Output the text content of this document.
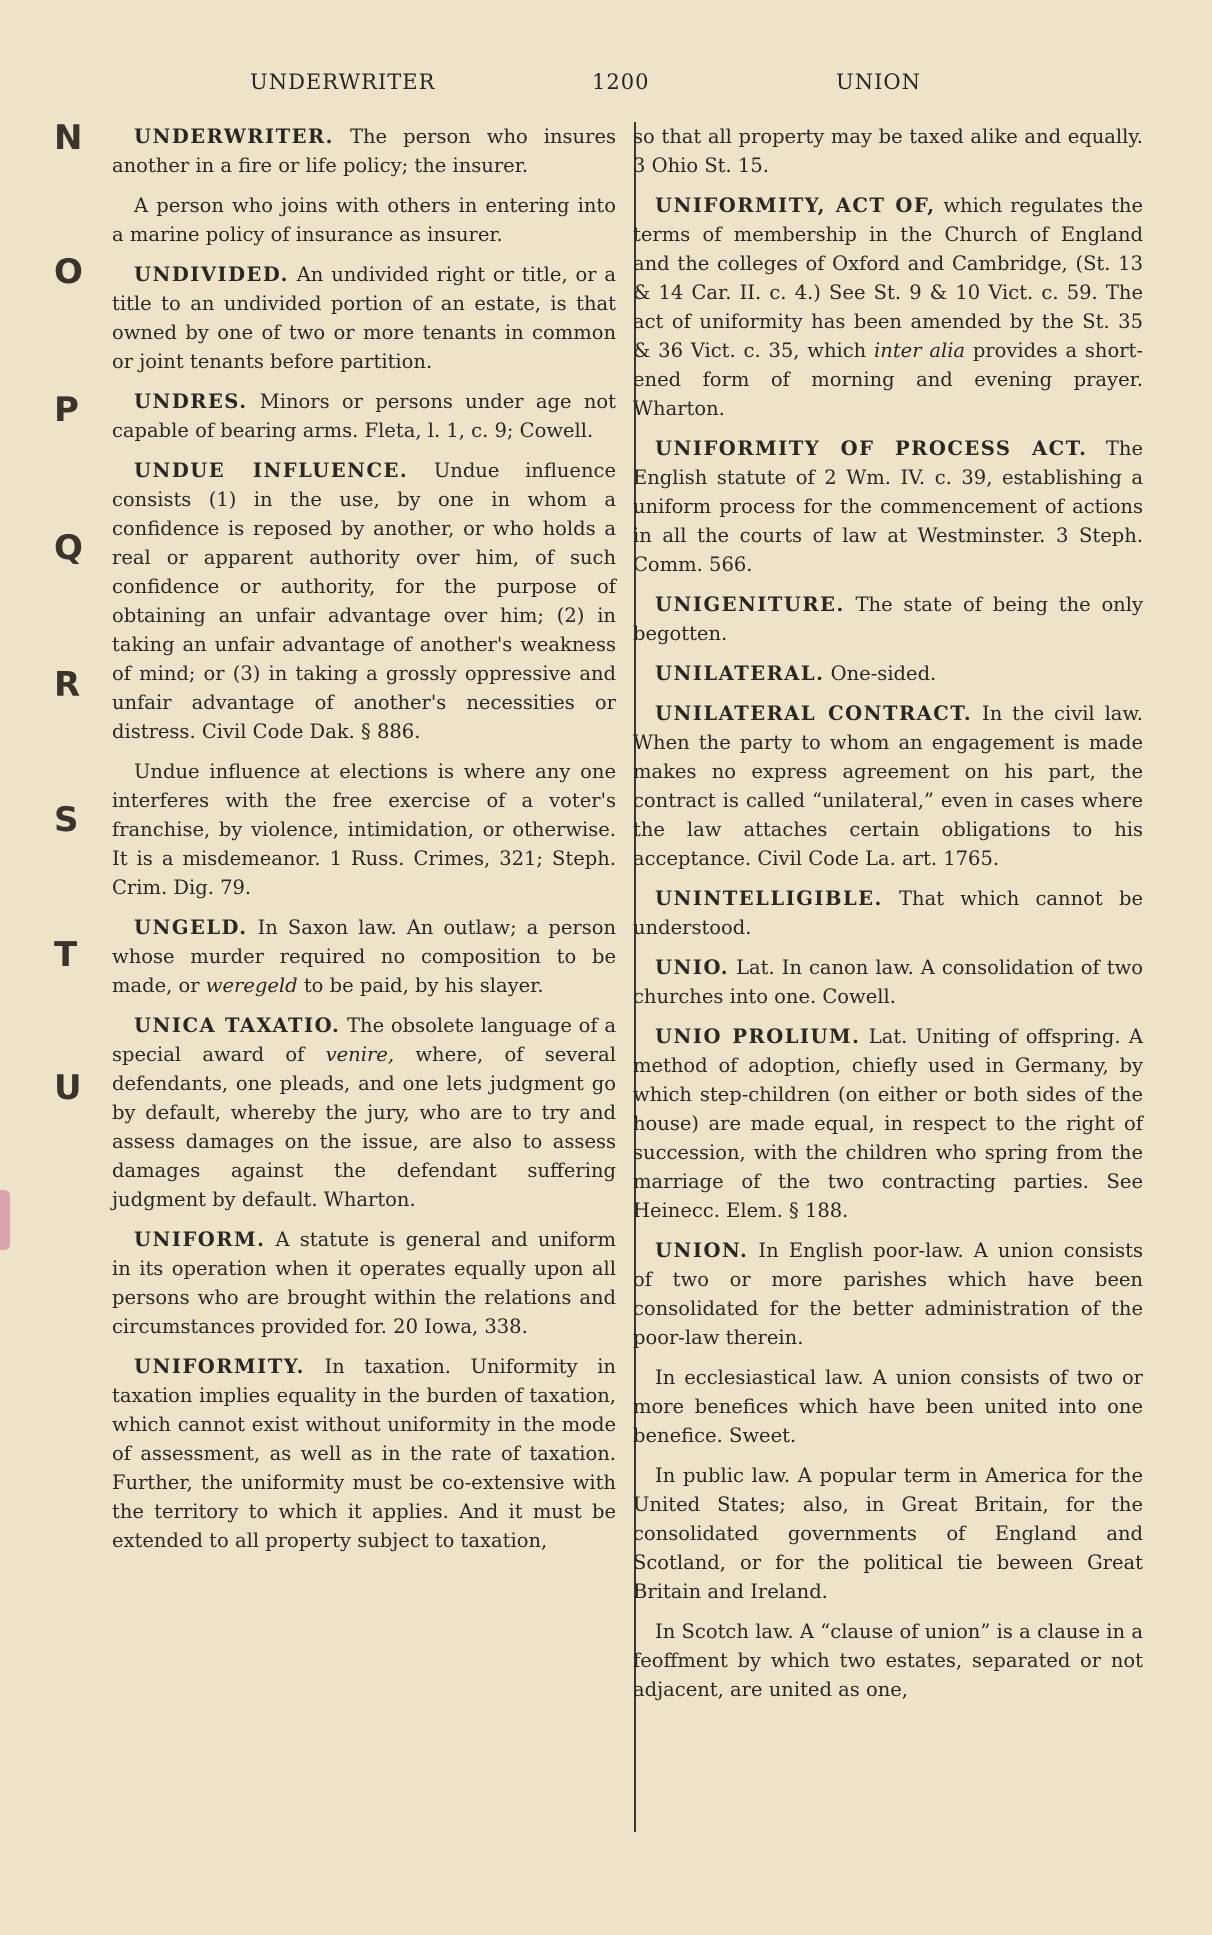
UNDERWRITER	1200	UNION
N
O
P
Q
R
S
T
U

UNDERWRITER. The person who insures another in a fire or life policy; the insurer.

A person who joins with others in entering into a marine policy of insurance as insurer.

UNDIVIDED. An undivided right or title, or a title to an undivided portion of an estate, is that owned by one of two or more tenants in common or joint tenants before partition.

UNDRES. Minors or persons under age not capable of bearing arms. Fleta, l. 1, c. 9; Cowell.

UNDUE INFLUENCE. Undue influence consists (1) in the use, by one in whom a confidence is reposed by another, or who holds a real or apparent authority over him, of such confidence or authority, for the purpose of obtaining an unfair advantage over him; (2) in taking an unfair advantage of another's weakness of mind; or (3) in taking a grossly oppressive and unfair advantage of another's necessities or distress. Civil Code Dak. § 886.

Undue influence at elections is where any one interferes with the free exercise of a voter's franchise, by violence, intimidation, or otherwise. It is a misdemeanor. 1 Russ. Crimes, 321; Steph. Crim. Dig. 79.

UNGELD. In Saxon law. An outlaw; a person whose murder required no composition to be made, or weregeld to be paid, by his slayer.

UNICA TAXATIO. The obsolete language of a special award of venire, where, of several defendants, one pleads, and one lets judgment go by default, whereby the jury, who are to try and assess damages on the issue, are also to assess damages against the defendant suffering judgment by default. Wharton.

UNIFORM. A statute is general and uniform in its operation when it operates equally upon all persons who are brought within the relations and circumstances provided for. 20 Iowa, 338.

UNIFORMITY. In taxation. Uniformity in taxation implies equality in the burden of taxation, which cannot exist without uniformity in the mode of assessment, as well as in the rate of taxation. Further, the uniformity must be co-extensive with the territory to which it applies. And it must be extended to all property subject to taxation,

so that all property may be taxed alike and equally. 3 Ohio St. 15.

UNIFORMITY, ACT OF, which regulates the terms of membership in the Church of England and the colleges of Oxford and Cambridge, (St. 13 & 14 Car. II. c. 4.) See St. 9 & 10 Vict. c. 59. The act of uniformity has been amended by the St. 35 & 36 Vict. c. 35, which inter alia provides a shortened form of morning and evening prayer. Wharton.

UNIFORMITY OF PROCESS ACT. The English statute of 2 Wm. IV. c. 39, establishing a uniform process for the commencement of actions in all the courts of law at Westminster. 3 Steph. Comm. 566.

UNIGENITURE. The state of being the only begotten.

UNILATERAL. One-sided.

UNILATERAL CONTRACT. In the civil law. When the party to whom an engagement is made makes no express agreement on his part, the contract is called “unilateral,” even in cases where the law attaches certain obligations to his acceptance. Civil Code La. art. 1765.

UNINTELLIGIBLE. That which cannot be understood.

UNIO. Lat. In canon law. A consolidation of two churches into one. Cowell.

UNIO PROLIUM. Lat. Uniting of offspring. A method of adoption, chiefly used in Germany, by which step-children (on either or both sides of the house) are made equal, in respect to the right of succession, with the children who spring from the marriage of the two contracting parties. See Heinecc. Elem. § 188.

UNION. In English poor-law. A union consists of two or more parishes which have been consolidated for the better administration of the poor-law therein.

In ecclesiastical law. A union consists of two or more benefices which have been united into one benefice. Sweet.

In public law. A popular term in America for the United States; also, in Great Britain, for the consolidated governments of England and Scotland, or for the political tie beween Great Britain and Ireland.

In Scotch law. A “clause of union” is a clause in a feoffment by which two estates, separated or not adjacent, are united as one,
